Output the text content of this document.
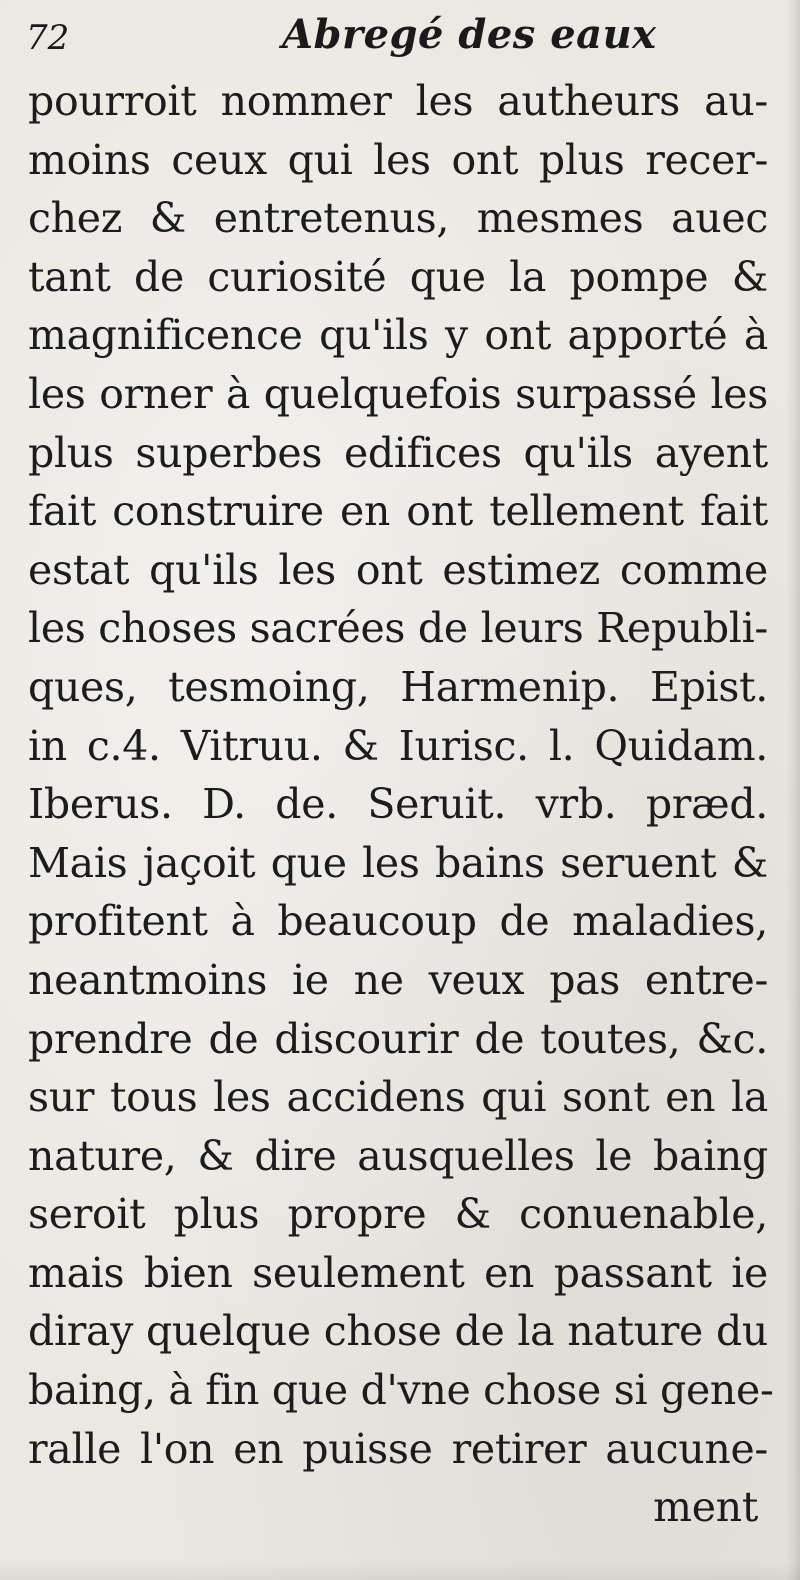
72	Abregé des eaux
pourroit nommer les autheurs au-
moins ceux qui les ont plus recer-
chez & entretenus, mesmes auec
tant de curiosité que la pompe &
magnificence qu'ils y ont apporté à
les orner à quelquefois surpassé les
plus superbes edifices qu'ils ayent
fait construire en ont tellement fait
estat qu'ils les ont estimez comme
les choses sacrées de leurs Republi-
ques, tesmoing, Harmenip. Epist.
in c.4. Vitruu. & Iurisc. l. Quidam.
Iberus. D. de. Seruit. vrb. præd.
Mais jaçoit que les bains seruent &
profitent à beaucoup de maladies,
neantmoins ie ne veux pas entre-
prendre de discourir de toutes, &c.
sur tous les accidens qui sont en la
nature, & dire ausquelles le baing
seroit plus propre & conuenable,
mais bien seulement en passant ie
diray quelque chose de la nature du
baing, à fin que d'vne chose si gene-
ralle l'on en puisse retirer aucune-
ment
